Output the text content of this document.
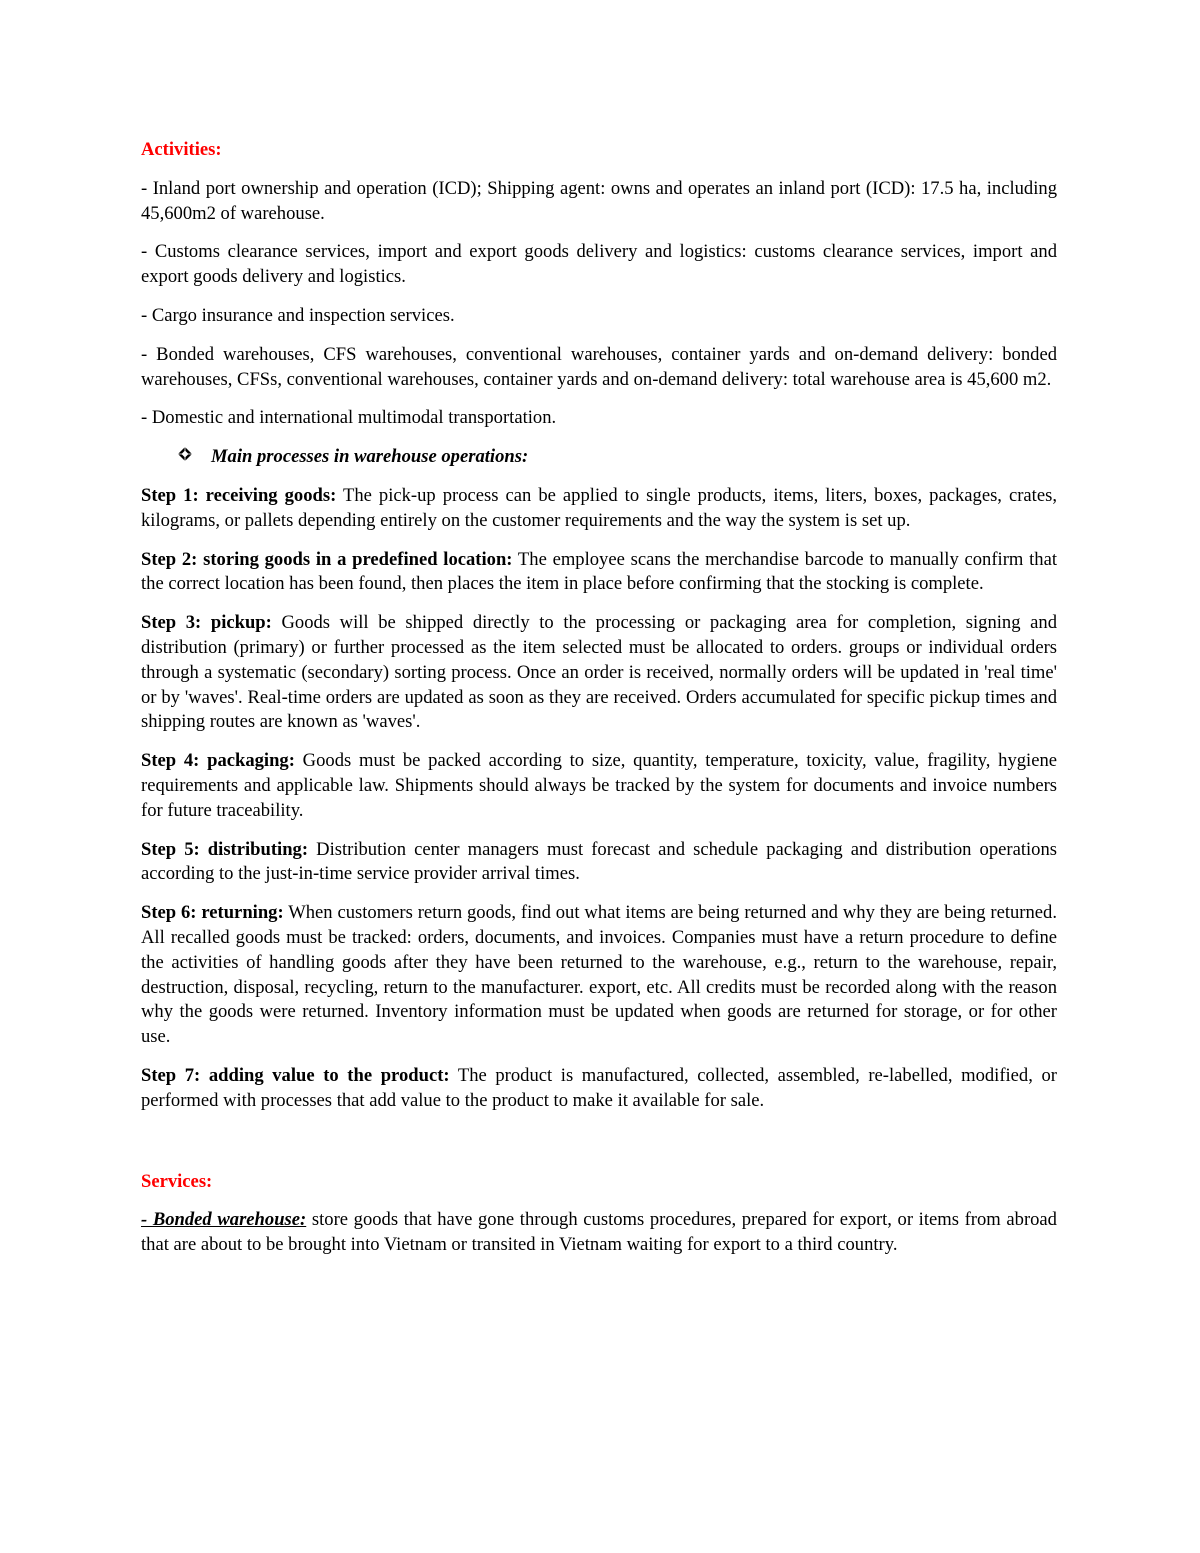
Activities:

- Inland port ownership and operation (ICD); Shipping agent: owns and operates an inland port (ICD): 17.5 ha, including 45,600m2 of warehouse.

- Customs clearance services, import and export goods delivery and logistics: customs clearance services, import and export goods delivery and logistics.

- Cargo insurance and inspection services.

- Bonded warehouses, CFS warehouses, conventional warehouses, container yards and on-demand delivery: bonded warehouses, CFSs, conventional warehouses, container yards and on-demand delivery: total warehouse area is 45,600 m2.

- Domestic and international multimodal transportation.

Main processes in warehouse operations:

Step 1: receiving goods: The pick-up process can be applied to single products, items, liters, boxes, packages, crates, kilograms, or pallets depending entirely on the customer requirements and the way the system is set up.

Step 2: storing goods in a predefined location: The employee scans the merchandise barcode to manually confirm that the correct location has been found, then places the item in place before confirming that the stocking is complete.

Step 3: pickup: Goods will be shipped directly to the processing or packaging area for completion, signing and distribution (primary) or further processed as the item selected must be allocated to orders. groups or individual orders through a systematic (secondary) sorting process. Once an order is received, normally orders will be updated in 'real time' or by 'waves'. Real-time orders are updated as soon as they are received. Orders accumulated for specific pickup times and shipping routes are known as 'waves'.

Step 4: packaging: Goods must be packed according to size, quantity, temperature, toxicity, value, fragility, hygiene requirements and applicable law. Shipments should always be tracked by the system for documents and invoice numbers for future traceability.

Step 5: distributing: Distribution center managers must forecast and schedule packaging and distribution operations according to the just-in-time service provider arrival times.

Step 6: returning: When customers return goods, find out what items are being returned and why they are being returned. All recalled goods must be tracked: orders, documents, and invoices. Companies must have a return procedure to define the activities of handling goods after they have been returned to the warehouse, e.g., return to the warehouse, repair, destruction, disposal, recycling, return to the manufacturer. export, etc. All credits must be recorded along with the reason why the goods were returned. Inventory information must be updated when goods are returned for storage, or for other use.

Step 7: adding value to the product: The product is manufactured, collected, assembled, re-labelled, modified, or performed with processes that add value to the product to make it available for sale.

Services:

- Bonded warehouse: store goods that have gone through customs procedures, prepared for export, or items from abroad that are about to be brought into Vietnam or transited in Vietnam waiting for export to a third country.
